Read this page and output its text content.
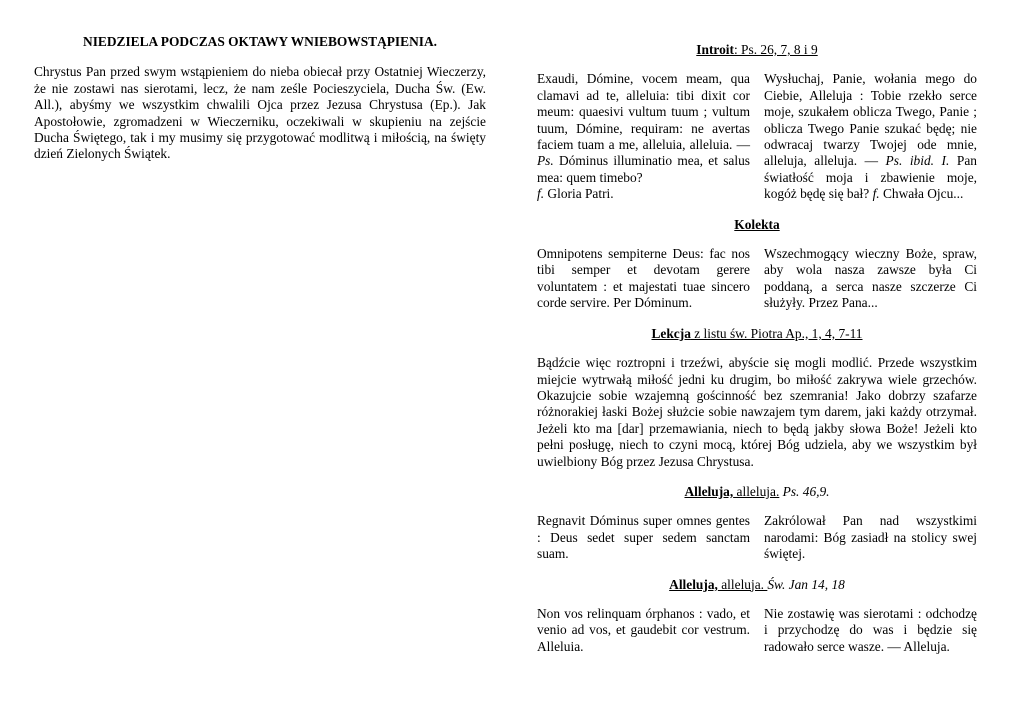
NIEDZIELA PODCZAS OKTAWY WNIEBOWSTĄPIENIA.

Chrystus Pan przed swym wstąpieniem do nieba obiecał przy Ostatniej Wieczerzy, że nie zostawi nas sierotami, lecz, że nam ześle Pocieszyciela, Ducha Św. (Ew. All.), abyśmy we wszystkim chwalili Ojca przez Jezusa Chrystusa (Ep.). Jak Apostołowie, zgromadzeni w Wieczerniku, oczekiwali w skupieniu na zejście Ducha Świętego, tak i my musimy się przygotować modlitwą i miłością, na święty dzień Zielonych Świątek.

Introit: Ps. 26, 7, 8 i 9
Exaudi, Dómine, vocem meam, qua clamavi ad te, alleluia: tibi dixit cor meum: quaesivi vultum tuum ; vultum tuum, Dómine, requiram: ne avertas faciem tuam a me, alleluia, alleluia. — Ps. Dóminus illuminatio mea, et salus mea: quem timebo?
f. Gloria Patri.
Wysłuchaj, Panie, wołania mego do Ciebie, Alleluja : Tobie rzekło serce moje, szukałem oblicza Twego, Panie ; oblicza Twego Panie szukać będę; nie odwracaj twarzy Twojej ode mnie, alleluja, alleluja. — Ps. ibid. I. Pan światłość moja i zbawienie moje, kogóż będę się bał? f. Chwała Ojcu...
Kolekta
Omnipotens sempiterne Deus: fac nos tibi semper et devotam gerere voluntatem : et majestati tuae sincero corde servire. Per Dóminum.
Wszechmogący wieczny Boże, spraw, aby wola nasza zawsze była Ci poddaną, a serca nasze szczerze Ci służyły. Przez Pana...
Lekcja z listu św. Piotra Ap., 1, 4, 7-11
Bądźcie więc roztropni i trzeźwi, abyście się mogli modlić. Przede wszystkim miejcie wytrwałą miłość jedni ku drugim, bo miłość zakrywa wiele grzechów. Okazujcie sobie wzajemną gościnność bez szemrania! Jako dobrzy szafarze różnorakiej łaski Bożej służcie sobie nawzajem tym darem, jaki każdy otrzymał. Jeżeli kto ma [dar] przemawiania, niech to będą jakby słowa Boże! Jeżeli kto pełni posługę, niech to czyni mocą, której Bóg udziela, aby we wszystkim był uwielbiony Bóg przez Jezusa Chrystusa.
Alleluja, alleluja. Ps. 46,9.
Regnavit Dóminus super omnes gentes : Deus sedet super sedem sanctam suam.
Zakrólował Pan nad wszystkimi narodami: Bóg zasiadł na stolicy swej świętej.
Alleluja, alleluja. Św. Jan 14, 18
Non vos relinquam órphanos : vado, et venio ad vos, et gaudebit cor vestrum. Alleluia.
Nie zostawię was sierotami : odchodzę i przychodzę do was i będzie się radowało serce wasze. — Alleluja.
